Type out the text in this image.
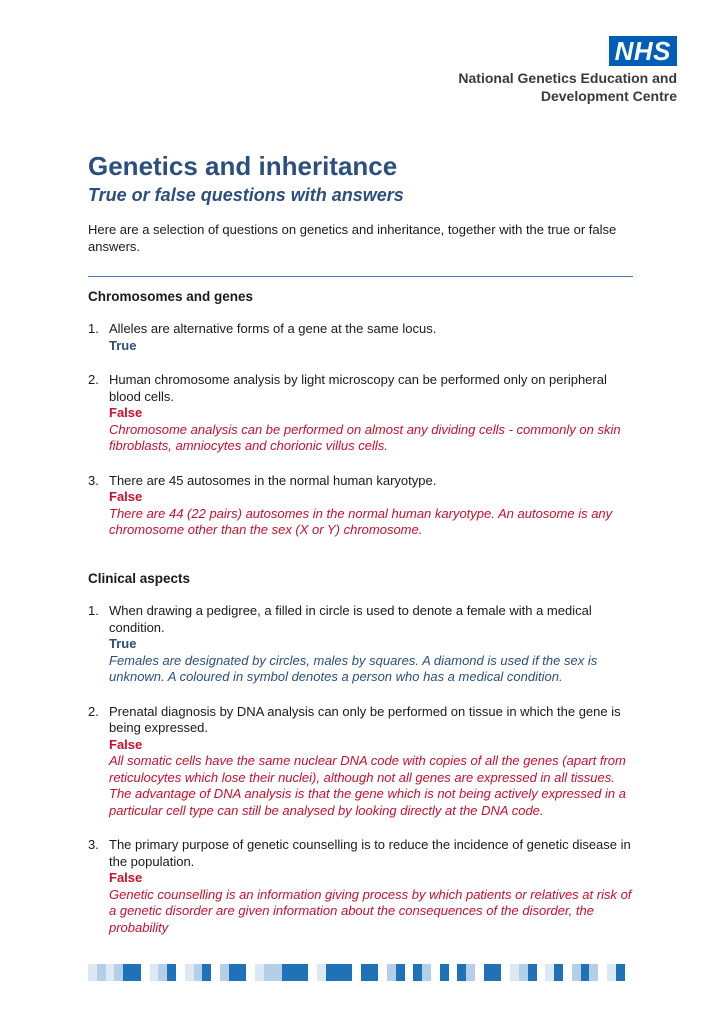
NHS
National Genetics Education and
Development Centre
Genetics and inheritance
True or false questions with answers

Here are a selection of questions on genetics and inheritance, together with the true or false answers.

Chromosomes and genes
1. Alleles are alternative forms of a gene at the same locus.
True
2. Human chromosome analysis by light microscopy can be performed only on peripheral blood cells.
False
Chromosome analysis can be performed on almost any dividing cells - commonly on skin fibroblasts, amniocytes and chorionic villus cells.
3. There are 45 autosomes in the normal human karyotype.
False
There are 44 (22 pairs) autosomes in the normal human karyotype. An autosome is any chromosome other than the sex (X or Y) chromosome.
Clinical aspects
1. When drawing a pedigree, a filled in circle is used to denote a female with a medical condition.
True
Females are designated by circles, males by squares. A diamond is used if the sex is unknown. A coloured in symbol denotes a person who has a medical condition.
2. Prenatal diagnosis by DNA analysis can only be performed on tissue in which the gene is being expressed.
False
All somatic cells have the same nuclear DNA code with copies of all the genes (apart from reticulocytes which lose their nuclei), although not all genes are expressed in all tissues. The advantage of DNA analysis is that the gene which is not being actively expressed in a particular cell type can still be analysed by looking directly at the DNA code.
3. The primary purpose of genetic counselling is to reduce the incidence of genetic disease in the population.
False
Genetic counselling is an information giving process by which patients or relatives at risk of a genetic disorder are given information about the consequences of the disorder, the probability
